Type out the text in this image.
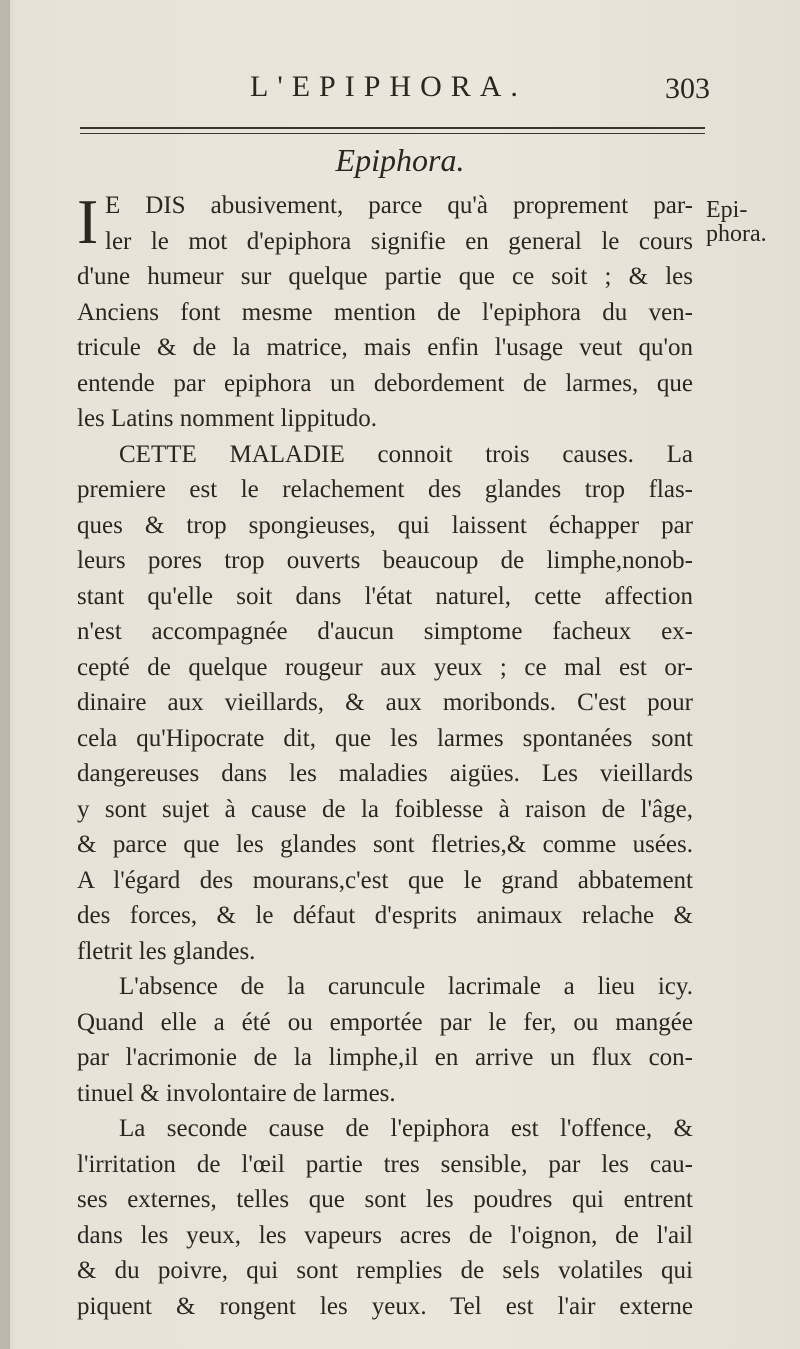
L'EPIPHORA.	303
Epiphora.
Epi-
phora.
I E DIS abusivement, parce qu'à proprement par-
ler le mot d'epiphora signifie en general le cours
d'une humeur sur quelque partie que ce soit ; & les
Anciens font mesme mention de l'epiphora du ven-
tricule & de la matrice, mais enfin l'usage veut qu'on
entende par epiphora un debordement de larmes, que
les Latins nomment lippitudo.
CETTE MALADIE connoit trois causes. La
premiere est le relachement des glandes trop flas-
ques & trop spongieuses, qui laissent échapper par
leurs pores trop ouverts beaucoup de limphe,nonob-
stant qu'elle soit dans l'état naturel, cette affection
n'est accompagnée d'aucun simptome facheux ex-
cepté de quelque rougeur aux yeux ; ce mal est or-
dinaire aux vieillards, & aux moribonds. C'est pour
cela qu'Hipocrate dit, que les larmes spontanées sont
dangereuses dans les maladies aigües. Les vieillards
y sont sujet à cause de la foiblesse à raison de l'âge,
& parce que les glandes sont fletries,& comme usées.
A l'égard des mourans,c'est que le grand abbatement
des forces, & le défaut d'esprits animaux relache &
fletrit les glandes.
L'absence de la caruncule lacrimale a lieu icy.
Quand elle a été ou emportée par le fer, ou mangée
par l'acrimonie de la limphe,il en arrive un flux con-
tinuel & involontaire de larmes.
La seconde cause de l'epiphora est l'offence, &
l'irritation de l'œil partie tres sensible, par les cau-
ses externes, telles que sont les poudres qui entrent
dans les yeux, les vapeurs acres de l'oignon, de l'ail
& du poivre, qui sont remplies de sels volatiles qui
piquent & rongent les yeux. Tel est l'air externe
